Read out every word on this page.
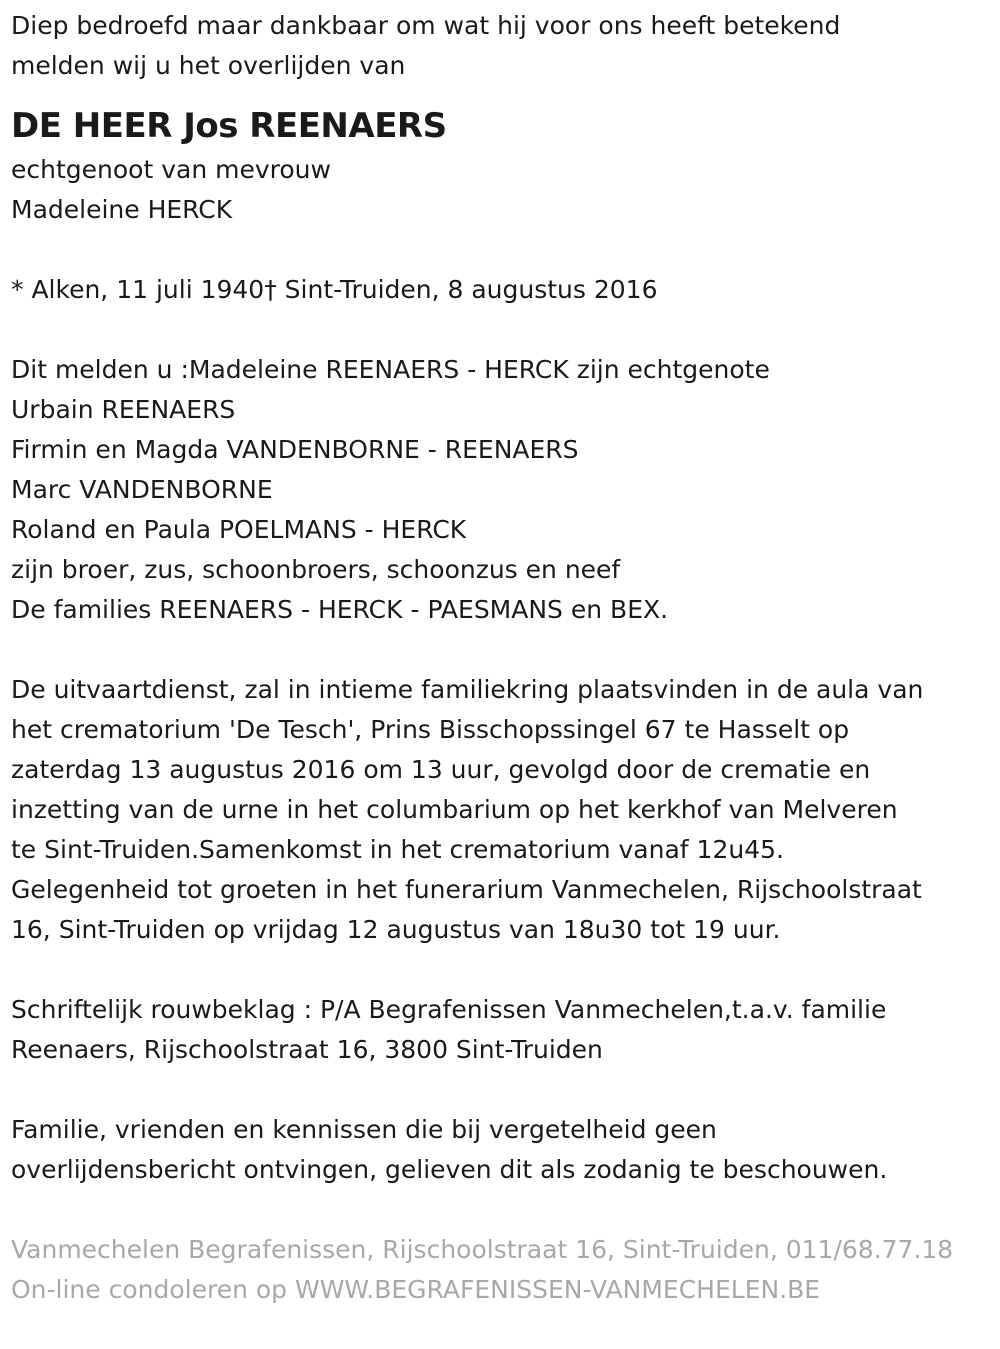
Diep bedroefd maar dankbaar om wat hij voor ons heeft betekend

melden wij u het overlijden van

DE HEER Jos REENAERS

echtgenoot van mevrouw

Madeleine HERCK

* Alken, 11 juli 1940† Sint-Truiden, 8 augustus 2016

Dit melden u :Madeleine REENAERS - HERCK zijn echtgenote

Urbain REENAERS

Firmin en Magda VANDENBORNE - REENAERS

Marc VANDENBORNE

Roland en Paula POELMANS - HERCK

zijn broer, zus, schoonbroers, schoonzus en neef

De families REENAERS - HERCK - PAESMANS en BEX.

De uitvaartdienst, zal in intieme familiekring plaatsvinden in de aula van

het crematorium 'De Tesch', Prins Bisschopssingel 67 te Hasselt op

zaterdag 13 augustus 2016 om 13 uur, gevolgd door de crematie en

inzetting van de urne in het columbarium op het kerkhof van Melveren

te Sint-Truiden.Samenkomst in het crematorium vanaf 12u45.

Gelegenheid tot groeten in het funerarium Vanmechelen, Rijschoolstraat

16, Sint-Truiden op vrijdag 12 augustus van 18u30 tot 19 uur.

Schriftelijk rouwbeklag : P/A Begrafenissen Vanmechelen,t.a.v. familie

Reenaers, Rijschoolstraat 16, 3800 Sint-Truiden

Familie, vrienden en kennissen die bij vergetelheid geen

overlijdensbericht ontvingen, gelieven dit als zodanig te beschouwen.

Vanmechelen Begrafenissen, Rijschoolstraat 16, Sint-Truiden, 011/68.77.18

On-line condoleren op WWW.BEGRAFENISSEN-VANMECHELEN.BE
